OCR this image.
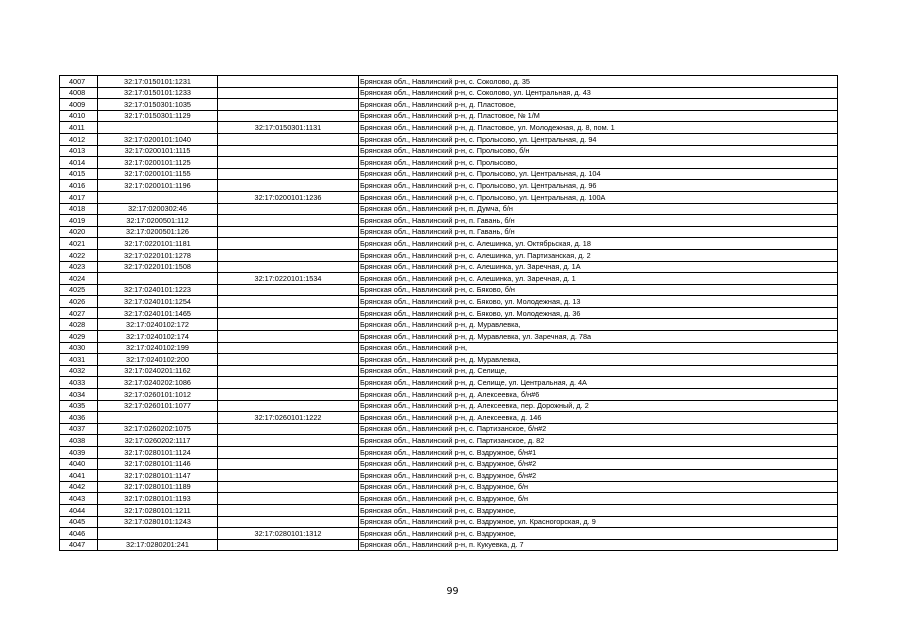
4007	32:17:0150101:1231		Брянская обл., Навлинский р-н, с. Соколово, д. 35
4008	32:17:0150101:1233		Брянская обл., Навлинский р-н, с. Соколово, ул. Центральная, д. 43
4009	32:17:0150301:1035		Брянская обл., Навлинский р-н, д. Пластовое,
4010	32:17:0150301:1129		Брянская обл., Навлинский р-н, д. Пластовое, № 1/М
4011		32:17:0150301:1131	Брянская обл., Навлинский р-н, д. Пластовое, ул. Молодежная, д. 8, пом. 1
4012	32:17:0200101:1040		Брянская обл., Навлинский р-н, с. Пролысово, ул. Центральная, д. 94
4013	32:17:0200101:1115		Брянская обл., Навлинский р-н, с. Пролысово, б/н
4014	32:17:0200101:1125		Брянская обл., Навлинский р-н, с. Пролысово,
4015	32:17:0200101:1155		Брянская обл., Навлинский р-н, с. Пролысово, ул. Центральная, д. 104
4016	32:17:0200101:1196		Брянская обл., Навлинский р-н, с. Пролысово, ул. Центральная, д. 96
4017		32:17:0200101:1236	Брянская обл., Навлинский р-н, с. Пролысово, ул. Центральная, д. 100А
4018	32:17:0200302:46		Брянская обл., Навлинский р-н, п. Думча, б/н
4019	32:17:0200501:112		Брянская обл., Навлинский р-н, п. Гавань, б/н
4020	32:17:0200501:126		Брянская обл., Навлинский р-н, п. Гавань, б/н
4021	32:17:0220101:1181		Брянская обл., Навлинский р-н, с. Алешинка, ул. Октябрьская, д. 18
4022	32:17:0220101:1278		Брянская обл., Навлинский р-н, с. Алешинка, ул. Партизанская, д. 2
4023	32:17:0220101:1508		Брянская обл., Навлинский р-н, с. Алешинка, ул. Заречная, д. 1А
4024		32:17:0220101:1534	Брянская обл., Навлинский р-н, с. Алешинка, ул. Заречная, д. 1
4025	32:17:0240101:1223		Брянская обл., Навлинский р-н, с. Бяково, б/н
4026	32:17:0240101:1254		Брянская обл., Навлинский р-н, с. Бяково, ул. Молодежная, д. 13
4027	32:17:0240101:1465		Брянская обл., Навлинский р-н, с. Бяково, ул. Молодежная, д. 36
4028	32:17:0240102:172		Брянская обл., Навлинский р-н, д. Муравлевка,
4029	32:17:0240102:174		Брянская обл., Навлинский р-н, д. Муравлевка, ул. Заречная, д. 78а
4030	32:17:0240102:199		Брянская обл., Навлинский р-н,
4031	32:17:0240102:200		Брянская обл., Навлинский р-н, д. Муравлевка,
4032	32:17:0240201:1162		Брянская обл., Навлинский р-н, д. Селище,
4033	32:17:0240202:1086		Брянская обл., Навлинский р-н, д. Селище, ул. Центральная, д. 4А
4034	32:17:0260101:1012		Брянская обл., Навлинский р-н, д. Алексеевка, б/н#6
4035	32:17:0260101:1077		Брянская обл., Навлинский р-н, д. Алексеевка, пер. Дорожный, д. 2
4036		32:17:0260101:1222	Брянская обл., Навлинский р-н, д. Алексеевка, д. 146
4037	32:17:0260202:1075		Брянская обл., Навлинский р-н, с. Партизанское, б/н#2
4038	32:17:0260202:1117		Брянская обл., Навлинский р-н, с. Партизанское, д. 82
4039	32:17:0280101:1124		Брянская обл., Навлинский р-н, с. Вздружное, б/н#1
4040	32:17:0280101:1146		Брянская обл., Навлинский р-н, с. Вздружное, б/н#2
4041	32:17:0280101:1147		Брянская обл., Навлинский р-н, с. Вздружное, б/н#2
4042	32:17:0280101:1189		Брянская обл., Навлинский р-н, с. Вздружное, б/н
4043	32:17:0280101:1193		Брянская обл., Навлинский р-н, с. Вздружное, б/н
4044	32:17:0280101:1211		Брянская обл., Навлинский р-н, с. Вздружное,
4045	32:17:0280101:1243		Брянская обл., Навлинский р-н, с. Вздружное, ул. Красногорская, д. 9
4046		32:17:0280101:1312	Брянская обл., Навлинский р-н, с. Вздружное,
4047	32:17:0280201:241		Брянская обл., Навлинский р-н, п. Кукуевка, д. 7
99
